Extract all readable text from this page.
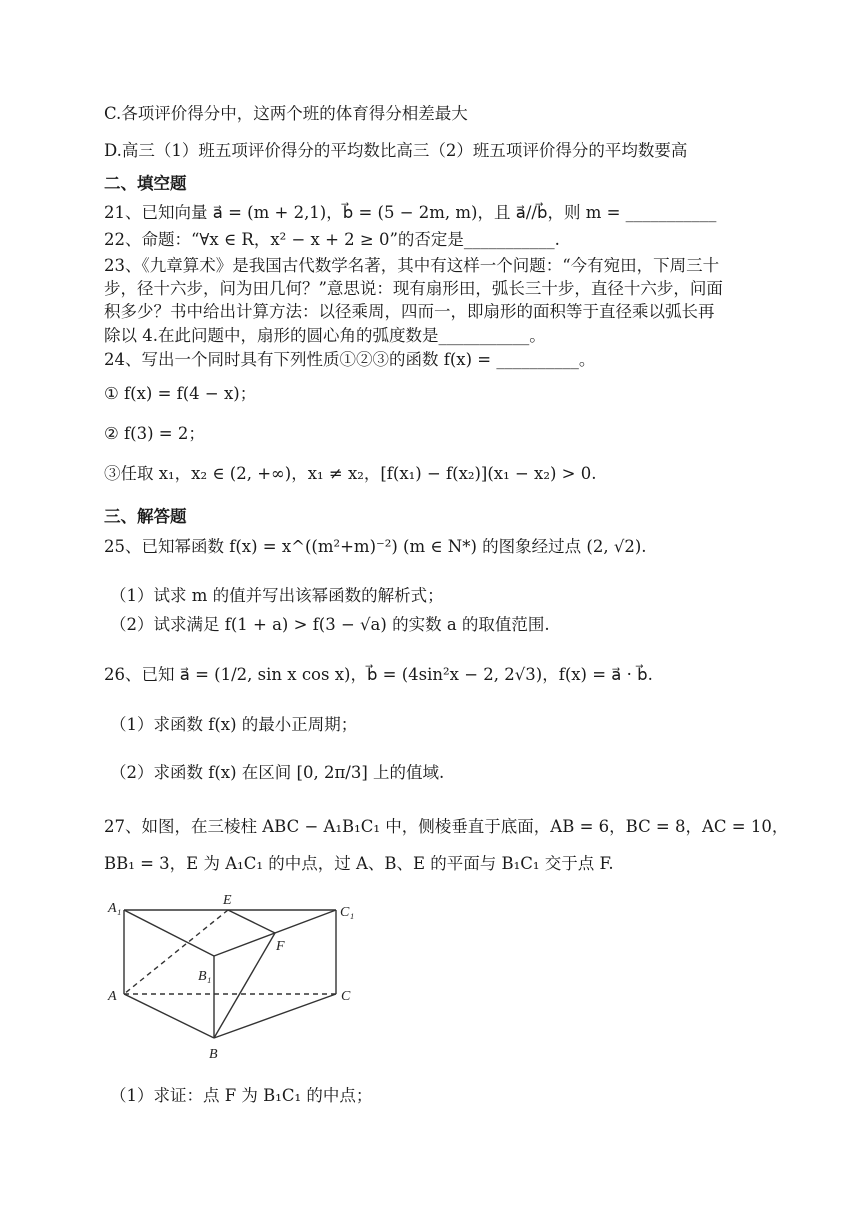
C.各项评价得分中，这两个班的体育得分相差最大
D.高三（1）班五项评价得分的平均数比高三（2）班五项评价得分的平均数要高
二、填空题
21、已知向量 a⃗ = (m + 2,1)，b⃗ = (5 − 2m, m)，且 a⃗//b⃗，则 m = ___________
22、命题：“∀x ∈ R，x² − x + 2 ≥ 0”的否定是___________.
23、《九章算术》是我国古代数学名著，其中有这样一个问题：“今有宛田，下周三十
步，径十六步，问为田几何？”意思说：现有扇形田，弧长三十步，直径十六步，问面
积多少？书中给出计算方法：以径乘周，四而一，即扇形的面积等于直径乘以弧长再
除以 4.在此问题中，扇形的圆心角的弧度数是___________。
24、写出一个同时具有下列性质①②③的函数 f(x) = __________。
① f(x) = f(4 − x)；
② f(3) = 2；
③任取 x₁，x₂ ∈ (2, +∞)，x₁ ≠ x₂，[f(x₁) − f(x₂)](x₁ − x₂) > 0.
三、解答题
25、已知幂函数 f(x) = x^((m²+m)⁻²) (m ∈ N*) 的图象经过点 (2, √2).
（1）试求 m 的值并写出该幂函数的解析式；
（2）试求满足 f(1 + a) > f(3 − √a) 的实数 a 的取值范围.
26、已知 a⃗ = (1/2, sin x cos x)，b⃗ = (4sin²x − 2, 2√3)，f(x) = a⃗ · b⃗.
（1）求函数 f(x) 的最小正周期；
（2）求函数 f(x) 在区间 [0, 2π/3] 上的值域.
27、如图，在三棱柱 ABC − A₁B₁C₁ 中，侧棱垂直于底面，AB = 6，BC = 8，AC = 10，
BB₁ = 3，E 为 A₁C₁ 的中点，过 A、B、E 的平面与 B₁C₁ 交于点 F.
A₁
E
C₁
F
B₁
A	C
B
（1）求证：点 F 为 B₁C₁ 的中点；
